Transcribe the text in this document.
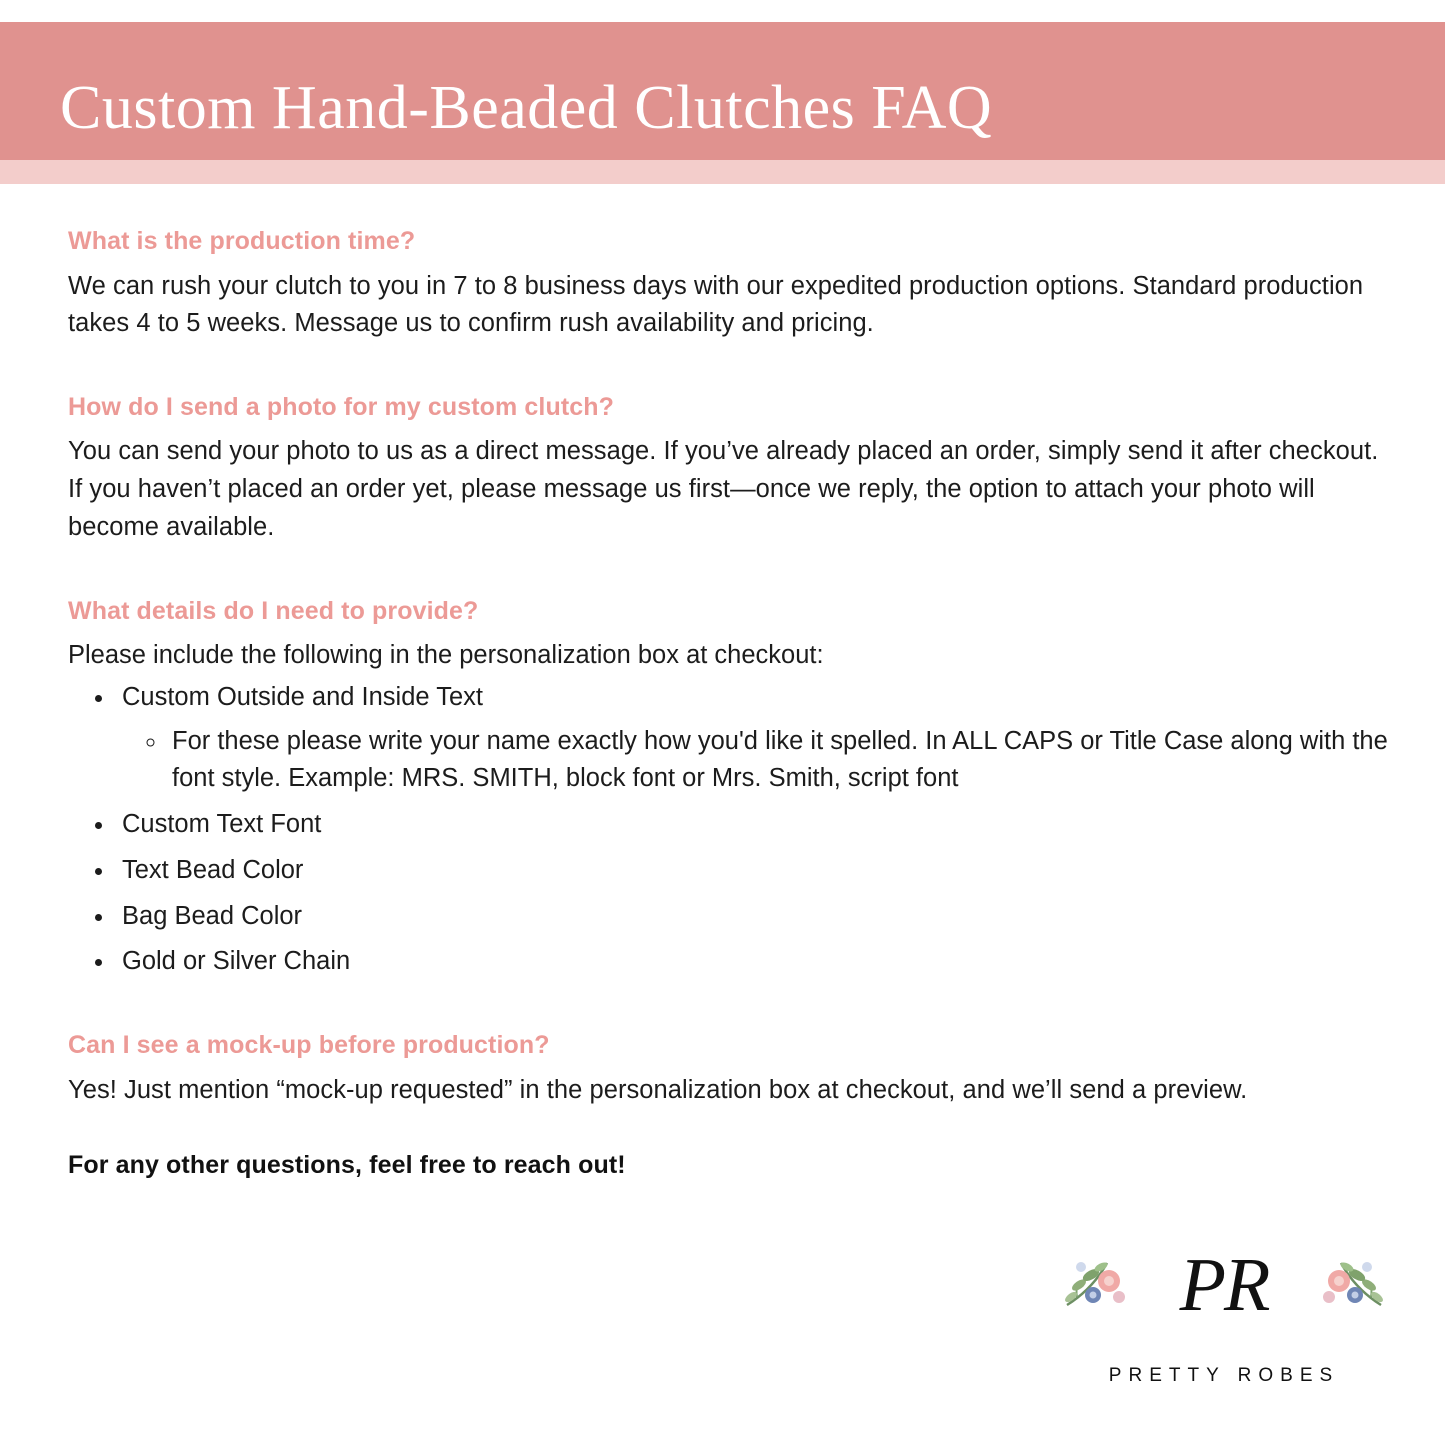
Custom Hand-Beaded Clutches FAQ

What is the production time?

We can rush your clutch to you in 7 to 8 business days with our expedited production options. Standard production takes 4 to 5 weeks. Message us to confirm rush availability and pricing.

How do I send a photo for my custom clutch?

You can send your photo to us as a direct message. If you’ve already placed an order, simply send it after checkout. If you haven’t placed an order yet, please message us first—once we reply, the option to attach your photo will become available.

What details do I need to provide?

Please include the following in the personalization box at checkout:

• Custom Outside and Inside Text
◦ For these please write your name exactly how you'd like it spelled. In ALL CAPS or Title Case along with the font style. Example: MRS. SMITH, block font or Mrs. Smith, script font
• Custom Text Font
• Text Bead Color
• Bag Bead Color
• Gold or Silver Chain

Can I see a mock-up before production?

Yes! Just mention “mock-up requested” in the personalization box at checkout, and we’ll send a preview.

For any other questions, feel free to reach out!

PR
PRETTY ROBES
